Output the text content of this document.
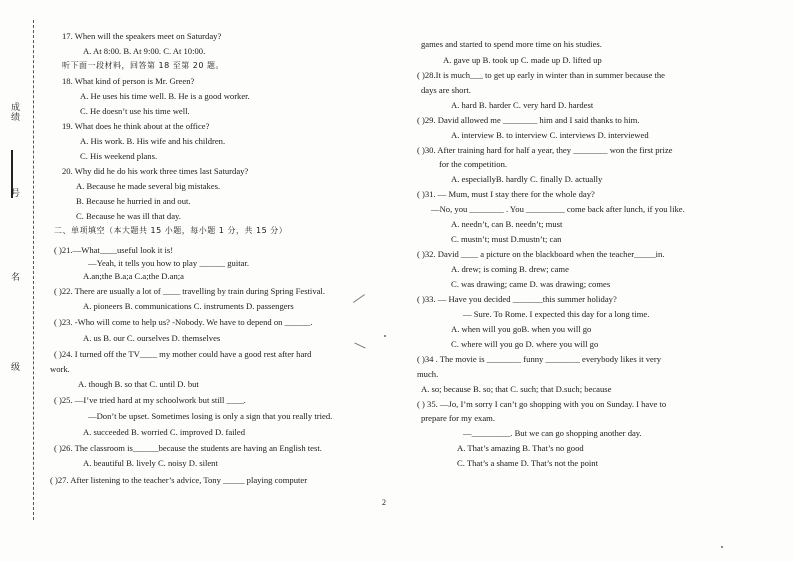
成绩
号
名
级
17. When will the speakers meet on Saturday?
A. At 8:00. B. At 9:00. C. At 10:00.
听下面一段材料，回答第 18 至第 20 题。
18. What kind of person is Mr. Green?
A. He uses his time well. B. He is a good worker.
C. He doesn’t use his time well.
19. What does he think about at the office?
A. His work. B. His wife and his children.
C. His weekend plans.
20. Why did he do his work three times last Saturday?
A. Because he made several big mistakes.
B. Because he hurried in and out.
C. Because he was ill that day.
二、单项填空（本大题共 15 小题，每小题 1 分，共 15 分）
( )21.—What____useful look it is!
—Yeah, it tells you how to play ______ guitar.
A.an;the B.a;a C.a;the D.an;a
( )22. There are usually a lot of ____ travelling by train during Spring Festival.
A. pioneers B. communications C. instruments D. passengers
( )23. -Who will come to help us? -Nobody. We have to depend on ______.
A. us B. our C. ourselves D. themselves
( )24. I turned off the TV____ my mother could have a good rest after hard
work.
A. though B. so that C. until D. but
( )25. —I’ve tried hard at my schoolwork but still ____.
—Don’t be upset. Sometimes losing is only a sign that you really tried.
A. succeeded B. worried C. improved D. failed
( )26. The classroom is______because the students are having an English test.
A. beautiful B. lively C. noisy D. silent
( )27. After listening to the teacher’s advice, Tony _____ playing computer
games and started to spend more time on his studies.
A. gave up B. took up C. made up D. lifted up
( )28.It is much___ to get up early in winter than in summer because the
days are short.
A. hard B. harder C. very hard D. hardest
( )29. David allowed me ________ him and I said thanks to him.
A. interview B. to interview C. interviews D. interviewed
( )30. After training hard for half a year, they ________ won the first prize
for the competition.
A. especiallyB. hardly C. finally D. actually
( )31. — Mum, must I stay there for the whole day?
—No, you ________ . You _________ come back after lunch, if you like.
A. needn’t, can B. needn’t; must
C. mustn’t; must D.mustn’t; can
( )32. David ____ a picture on the blackboard when the teacher_____in.
A. drew; is coming B. drew; came
C. was drawing; came D. was drawing; comes
( )33. — Have you decided _______this summer holiday?
— Sure. To Rome. I expected this day for a long time.
A. when will you goB. when you will go
C. where will you go D. where you will go
( )34 . The movie is ________ funny ________ everybody likes it very
much.
A. so; because B. so; that C. such; that D.such; because
( ) 35. —Jo, I’m sorry I can’t go shopping with you on Sunday. I have to
prepare for my exam.
—_________. But we can go shopping another day.
A. That’s amazing B. That’s no good
C. That’s a shame D. That’s not the point
2
